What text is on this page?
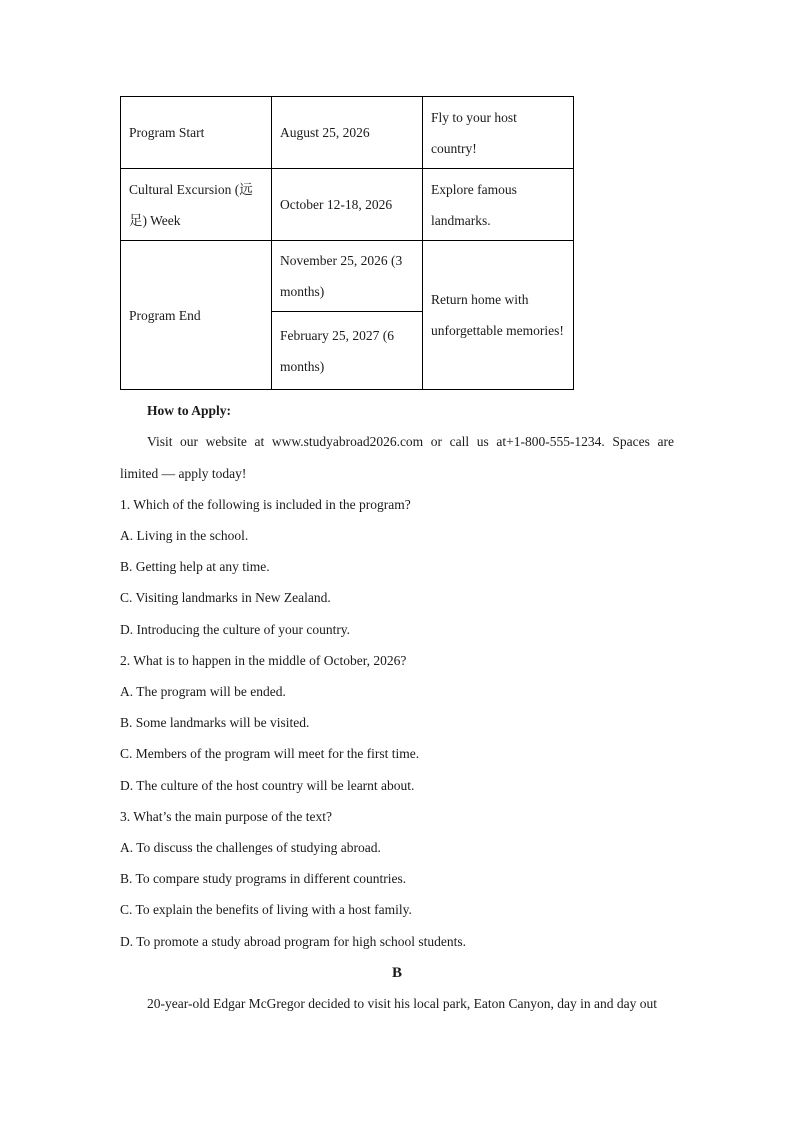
Program Start	August 25, 2026	Fly to your host country!
Cultural Excursion (远足) Week	October 12-18, 2026	Explore famous landmarks.
Program End	November 25, 2026 (3 months)	Return home with unforgettable memories!
	February 25, 2027 (6 months)	
How to Apply:
Visit our website at www.studyabroad2026.com or call us at+1-800-555-1234. Spaces are
limited — apply today!
1. Which of the following is included in the program?
A. Living in the school.
B. Getting help at any time.
C. Visiting landmarks in New Zealand.
D. Introducing the culture of your country.
2. What is to happen in the middle of October, 2026?
A. The program will be ended.
B. Some landmarks will be visited.
C. Members of the program will meet for the first time.
D. The culture of the host country will be learnt about.
3. What’s the main purpose of the text?
A. To discuss the challenges of studying abroad.
B. To compare study programs in different countries.
C. To explain the benefits of living with a host family.
D. To promote a study abroad program for high school students.
B
20-year-old Edgar McGregor decided to visit his local park, Eaton Canyon, day in and day out
